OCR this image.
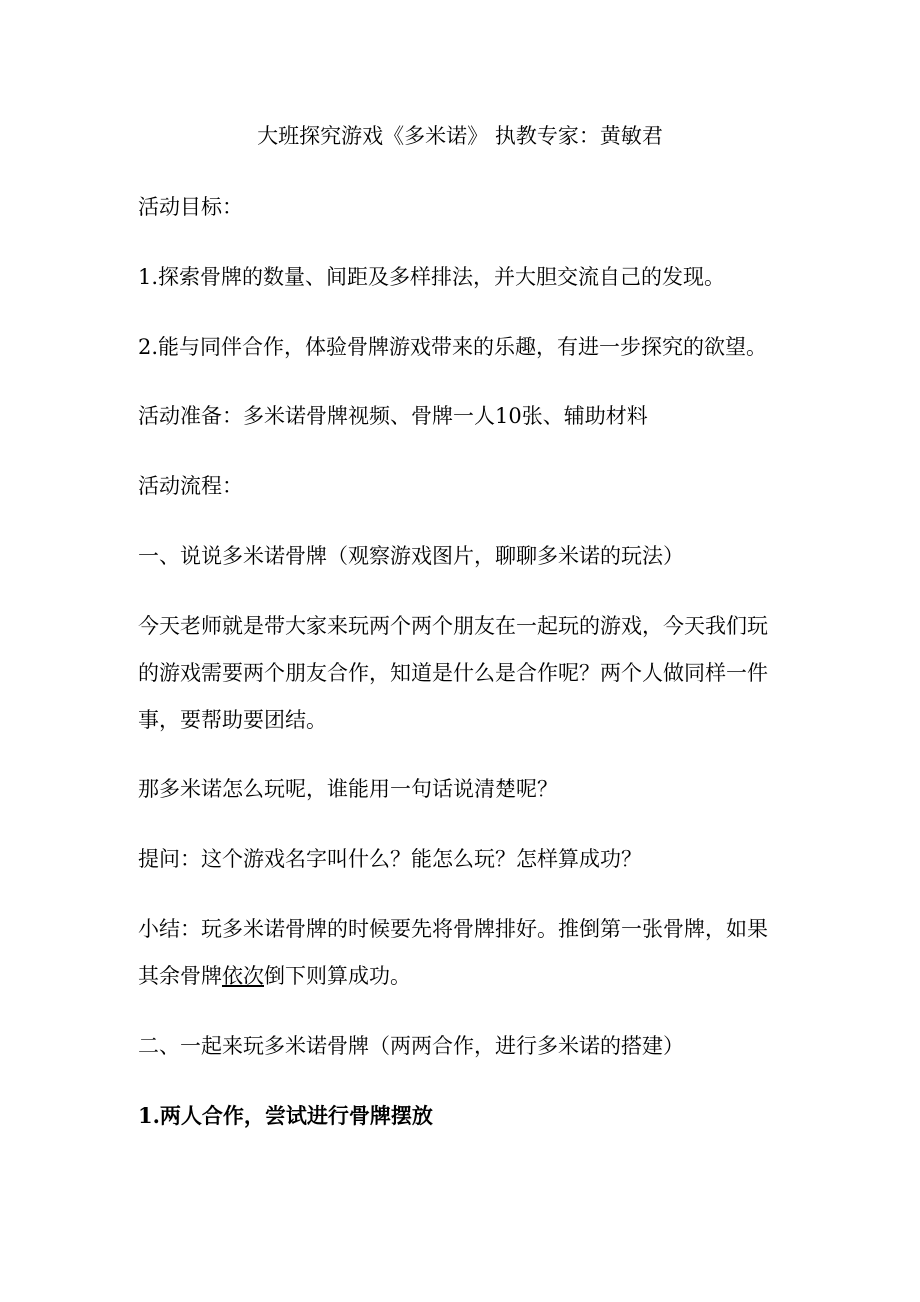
大班探究游戏《多米诺》 执教专家：黄敏君

活动目标：

1.探索骨牌的数量、间距及多样排法，并大胆交流自己的发现。

2.能与同伴合作，体验骨牌游戏带来的乐趣，有进一步探究的欲望。

活动准备：多米诺骨牌视频、骨牌一人10张、辅助材料

活动流程：

一、说说多米诺骨牌（观察游戏图片，聊聊多米诺的玩法）

今天老师就是带大家来玩两个两个朋友在一起玩的游戏，今天我们玩

的游戏需要两个朋友合作，知道是什么是合作呢？两个人做同样一件

事，要帮助要团结。

那多米诺怎么玩呢，谁能用一句话说清楚呢？

提问：这个游戏名字叫什么？能怎么玩？怎样算成功？

小结：玩多米诺骨牌的时候要先将骨牌排好。推倒第一张骨牌，如果

其余骨牌依次倒下则算成功。

二、一起来玩多米诺骨牌（两两合作，进行多米诺的搭建）

1.两人合作，尝试进行骨牌摆放
